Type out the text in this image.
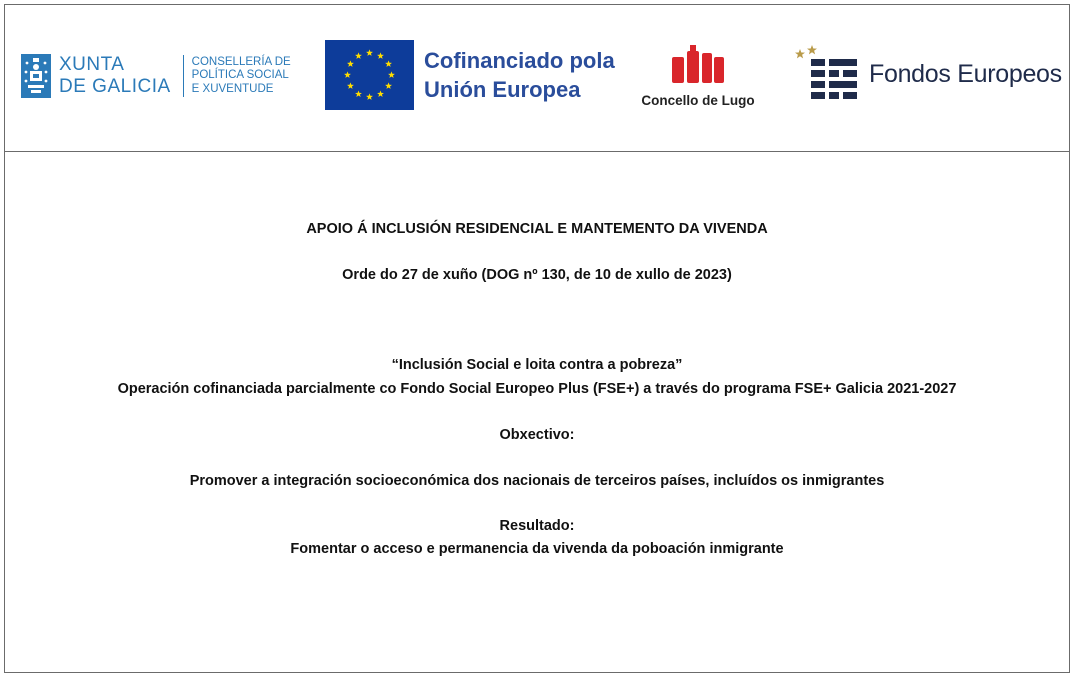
XUNTA
DE GALICIA
CONSELLERÍA DE
POLÍTICA SOCIAL
E XUVENTUDE
Cofinanciado pola
Unión Europea	Concello de Lugo
Fondos Europeos
APOIO Á INCLUSIÓN RESIDENCIAL E MANTEMENTO DA VIVENDA
Orde do 27 de xuño (DOG nº 130, de 10 de xullo de 2023)
“Inclusión Social e loita contra a pobreza”
Operación cofinanciada parcialmente co Fondo Social Europeo Plus (FSE+) a través do programa FSE+ Galicia 2021-2027
Obxectivo:
Promover a integración socioeconómica dos nacionais de terceiros países, incluídos os inmigrantes
Resultado:
Fomentar o acceso e permanencia da vivenda da poboación inmigrante
